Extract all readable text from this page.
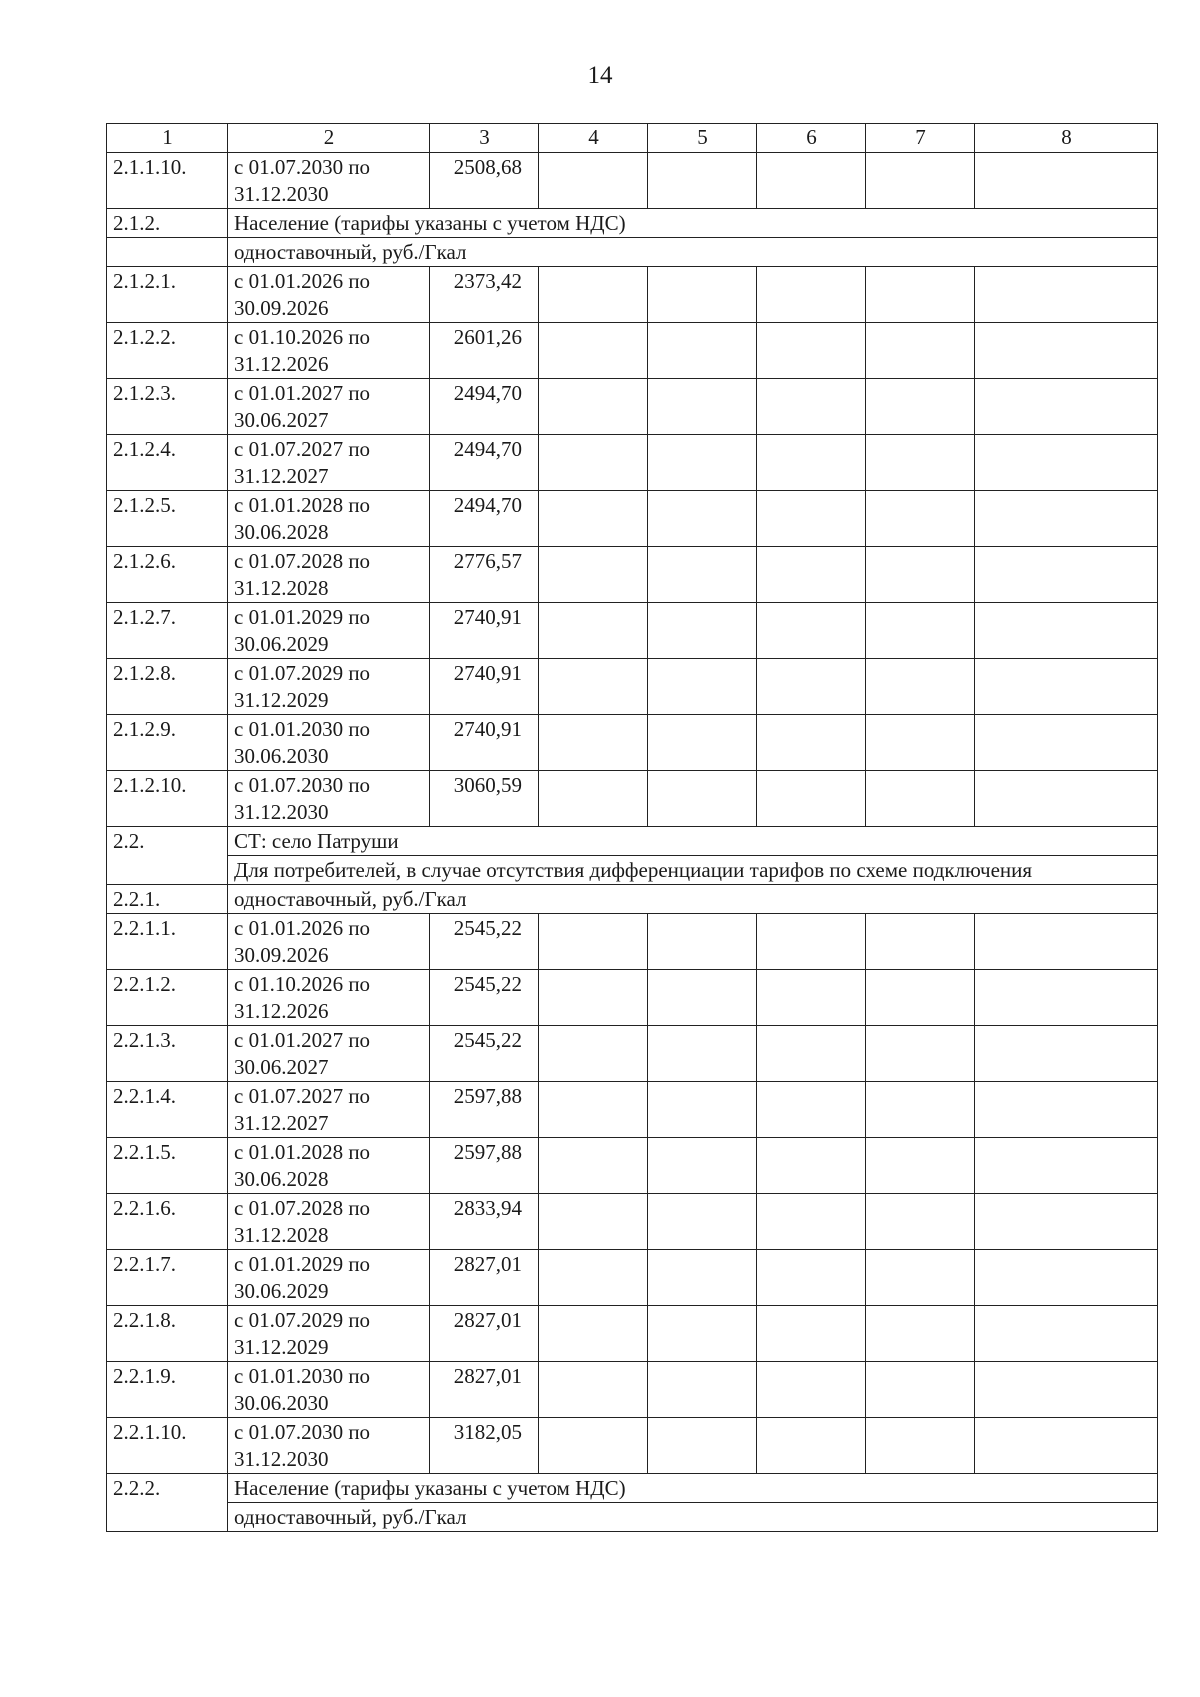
14
1	2	3	4	5	6	7	8
2.1.1.10.	с 01.07.2030 по 31.12.2030	2508,68					
2.1.2.	Население (тарифы указаны с учетом НДС)						
	одноставочный, руб./Гкал						
2.1.2.1.	с 01.01.2026 по 30.09.2026	2373,42					
2.1.2.2.	с 01.10.2026 по 31.12.2026	2601,26					
2.1.2.3.	с 01.01.2027 по 30.06.2027	2494,70					
2.1.2.4.	с 01.07.2027 по 31.12.2027	2494,70					
2.1.2.5.	с 01.01.2028 по 30.06.2028	2494,70					
2.1.2.6.	с 01.07.2028 по 31.12.2028	2776,57					
2.1.2.7.	с 01.01.2029 по 30.06.2029	2740,91					
2.1.2.8.	с 01.07.2029 по 31.12.2029	2740,91					
2.1.2.9.	с 01.01.2030 по 30.06.2030	2740,91					
2.1.2.10.	с 01.07.2030 по 31.12.2030	3060,59					
2.2.	СТ: село Патруши						
	Для потребителей, в случае отсутствия дифференциации тарифов по схеме подключения						
2.2.1.	одноставочный, руб./Гкал						
2.2.1.1.	с 01.01.2026 по 30.09.2026	2545,22					
2.2.1.2.	с 01.10.2026 по 31.12.2026	2545,22					
2.2.1.3.	с 01.01.2027 по 30.06.2027	2545,22					
2.2.1.4.	с 01.07.2027 по 31.12.2027	2597,88					
2.2.1.5.	с 01.01.2028 по 30.06.2028	2597,88					
2.2.1.6.	с 01.07.2028 по 31.12.2028	2833,94					
2.2.1.7.	с 01.01.2029 по 30.06.2029	2827,01					
2.2.1.8.	с 01.07.2029 по 31.12.2029	2827,01					
2.2.1.9.	с 01.01.2030 по 30.06.2030	2827,01					
2.2.1.10.	с 01.07.2030 по 31.12.2030	3182,05					
2.2.2.	Население (тарифы указаны с учетом НДС)						
	одноставочный, руб./Гкал						
